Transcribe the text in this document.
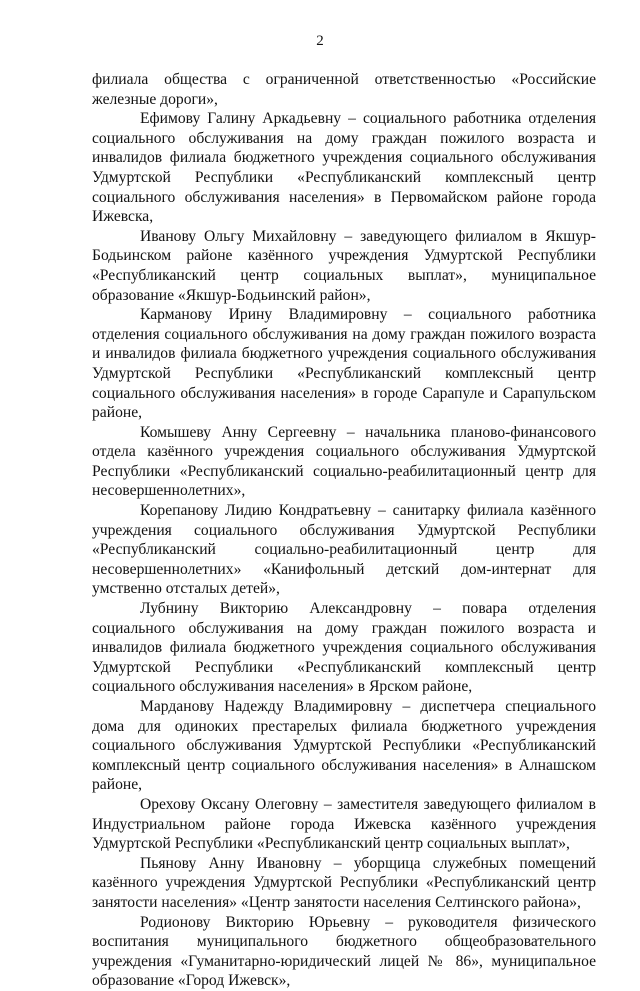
2

филиала общества с ограниченной ответственностью «Российские железные дороги»,

Ефимову Галину Аркадьевну – социального работника отделения социального обслуживания на дому граждан пожилого возраста и инвалидов филиала бюджетного учреждения социального обслуживания Удмуртской Республики «Республиканский комплексный центр социального обслуживания населения» в Первомайском районе города Ижевска,

Иванову Ольгу Михайловну – заведующего филиалом в Якшур-Бодьинском районе казённого учреждения Удмуртской Республики «Республиканский центр социальных выплат», муниципальное образование «Якшур-Бодьинский район»,

Карманову Ирину Владимировну – социального работника отделения социального обслуживания на дому граждан пожилого возраста и инвалидов филиала бюджетного учреждения социального обслуживания Удмуртской Республики «Республиканский комплексный центр социального обслуживания населения» в городе Сарапуле и Сарапульском районе,

Комышеву Анну Сергеевну – начальника планово-финансового отдела казённого учреждения социального обслуживания Удмуртской Республики «Республиканский социально-реабилитационный центр для несовершеннолетних»,

Корепанову Лидию Кондратьевну – санитарку филиала казённого учреждения социального обслуживания Удмуртской Республики «Республиканский социально-реабилитационный центр для несовершеннолетних» «Канифольный детский дом-интернат для умственно отсталых детей»,

Лубнину Викторию Александровну – повара отделения социального обслуживания на дому граждан пожилого возраста и инвалидов филиала бюджетного учреждения социального обслуживания Удмуртской Республики «Республиканский комплексный центр социального обслуживания населения» в Ярском районе,

Марданову Надежду Владимировну – диспетчера специального дома для одиноких престарелых филиала бюджетного учреждения социального обслуживания Удмуртской Республики «Республиканский комплексный центр социального обслуживания населения» в Алнашском районе,

Орехову Оксану Олеговну – заместителя заведующего филиалом в Индустриальном районе города Ижевска казённого учреждения Удмуртской Республики «Республиканский центр социальных выплат»,

Пьянову Анну Ивановну – уборщица служебных помещений казённого учреждения Удмуртской Республики «Республиканский центр занятости населения» «Центр занятости населения Селтинского района»,

Родионову Викторию Юрьевну – руководителя физического воспитания муниципального бюджетного общеобразовательного учреждения «Гуманитарно-юридический лицей № 86», муниципальное образование «Город Ижевск»,
